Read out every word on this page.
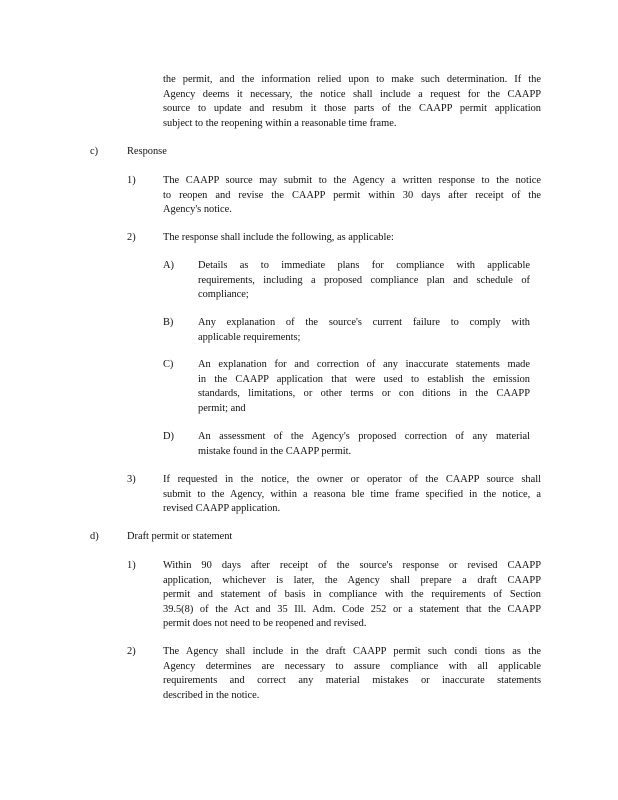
the permit, and the information relied upon to make such determination. If the
Agency deems it necessary, the notice shall include a request for the CAAPP
source to update and resubm it those parts of the CAAPP permit application
subject to the reopening within a reasonable time frame.
c)	Response
1)	The CAAPP source may submit to the Agency a written response to the notice
to reopen and revise the CAAPP permit within 30 days after receipt of the
Agency's notice.
2)	The response shall include the following, as applicable:
A) Details as to immediate plans for compliance with applicable
requirements, including a proposed compliance plan and schedule of
compliance;
B) Any explanation of the source's current failure to comply with
applicable requirements;
C) An explanation for and correction of any inaccurate statements made
in the CAAPP application that were used to establish the emission
standards, limitations, or other terms or con ditions in the CAAPP
permit; and
D) An assessment of the Agency's proposed correction of any material
mistake found in the CAAPP permit.
3)	If requested in the notice, the owner or operator of the CAAPP source shall
submit to the Agency, within a reasona ble time frame specified in the notice, a
revised CAAPP application.
d)	Draft permit or statement
1)	Within 90 days after receipt of the source's response or revised CAAPP
application, whichever is later, the Agency shall prepare a draft CAAPP
permit and statement of basis in compliance with the requirements of Section
39.5(8) of the Act and 35 Ill. Adm. Code 252 or a statement that the CAAPP
permit does not need to be reopened and revised.
2)	The Agency shall include in the draft CAAPP permit such condi tions as the
Agency determines are necessary to assure compliance with all applicable
requirements and correct any material mistakes or inaccurate statements
described in the notice.
